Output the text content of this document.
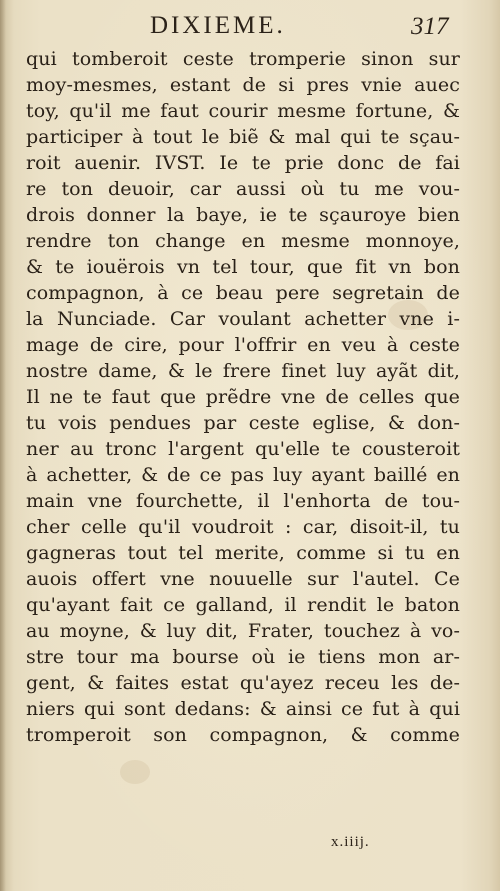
DIXIEME.	317
qui tomberoit ceste tromperie sinon sur
moy-mesmes, estant de si pres vnie auec
toy, qu'il me faut courir mesme fortune, &
participer à tout le biẽ & mal qui te sçau-
roit auenir. IVST. Ie te prie donc de fai
re ton deuoir, car aussi où tu me vou-
drois donner la baye, ie te sçauroye bien
rendre ton change en mesme monnoye,
& te iouërois vn tel tour, que fit vn bon
compagnon, à ce beau pere segretain de
la Nunciade. Car voulant achetter vne i-
mage de cire, pour l'offrir en veu à ceste
nostre dame, & le frere finet luy ayãt dit,
Il ne te faut que prẽdre vne de celles que
tu vois pendues par ceste eglise, & don-
ner au tronc l'argent qu'elle te cousteroit
à achetter, & de ce pas luy ayant baillé en
main vne fourchette, il l'enhorta de tou-
cher celle qu'il voudroit : car, disoit-il, tu
gagneras tout tel merite, comme si tu en
auois offert vne nouuelle sur l'autel. Ce
qu'ayant fait ce galland, il rendit le baton
au moyne, & luy dit, Frater, touchez à vo-
stre tour ma bourse où ie tiens mon ar-
gent, & faites estat qu'ayez receu les de-
niers qui sont dedans: & ainsi ce fut à qui
tromperoit son compagnon, & comme
x.iiij.
